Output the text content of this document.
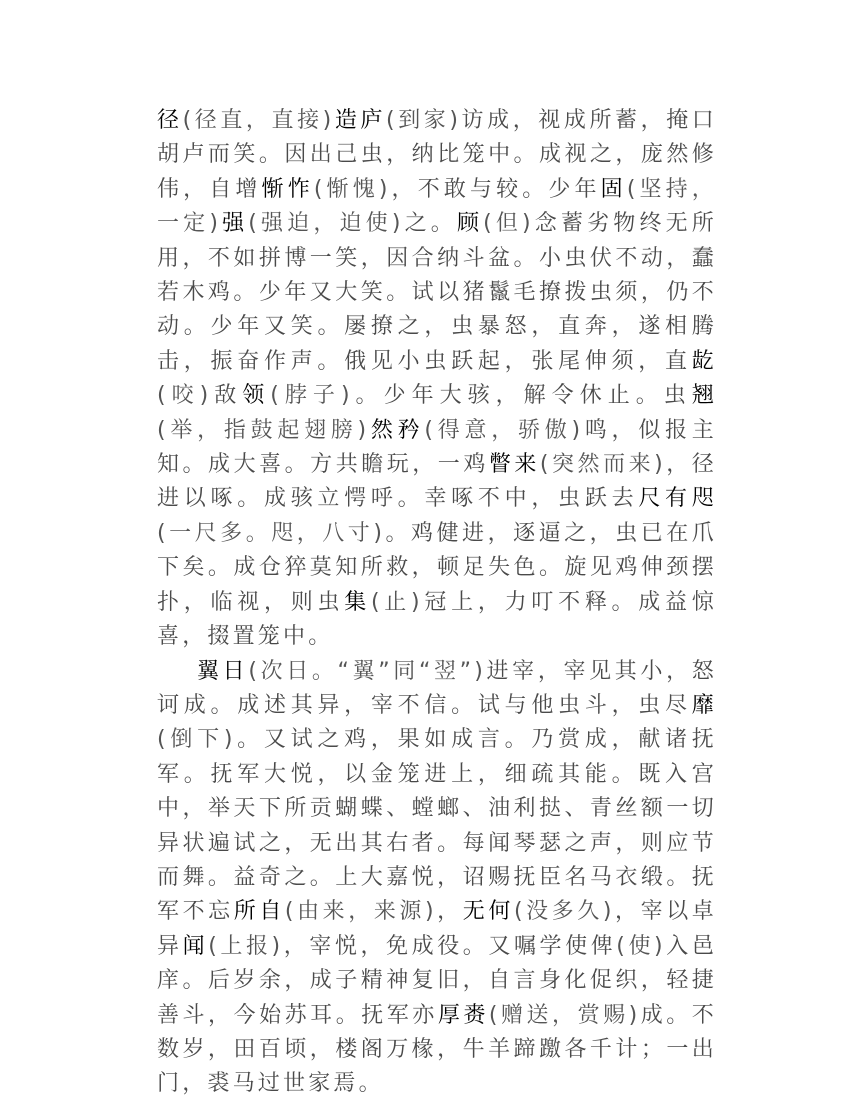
径(径直，直接)造庐(到家)访成，视成所蓄，掩口胡卢而笑。因出己虫，纳比笼中。成视之，庞然修伟，自增惭怍(惭愧)，不敢与较。少年固(坚持，一定)强(强迫，迫使)之。顾(但)念蓄劣物终无所用，不如拼博一笑，因合纳斗盆。小虫伏不动，蠢若木鸡。少年又大笑。试以猪鬣毛撩拨虫须，仍不动。少年又笑。屡撩之，虫暴怒，直奔，遂相腾击，振奋作声。俄见小虫跃起，张尾伸须，直龁(咬)敌领(脖子)。少年大骇，解令休止。虫翘(举，指鼓起翅膀)然矜(得意，骄傲)鸣，似报主知。成大喜。方共瞻玩，一鸡瞥来(突然而来)，径进以啄。成骇立愕呼。幸啄不中，虫跃去尺有咫(一尺多。咫，八寸)。鸡健进，逐逼之，虫已在爪下矣。成仓猝莫知所救，顿足失色。旋见鸡伸颈摆扑，临视，则虫集(止)冠上，力叮不释。成益惊喜，掇置笼中。

翼日(次日。“翼”同“翌”)进宰，宰见其小，怒诃成。成述其异，宰不信。试与他虫斗，虫尽靡(倒下)。又试之鸡，果如成言。乃赏成，献诸抚军。抚军大悦，以金笼进上，细疏其能。既入宫中，举天下所贡蝴蝶、螳螂、油利挞、青丝额一切异状遍试之，无出其右者。每闻琴瑟之声，则应节而舞。益奇之。上大嘉悦，诏赐抚臣名马衣缎。抚军不忘所自(由来，来源)，无何(没多久)，宰以卓异闻(上报)，宰悦，免成役。又嘱学使俾(使)入邑庠。后岁余，成子精神复旧，自言身化促织，轻捷善斗，今始苏耳。抚军亦厚赉(赠送，赏赐)成。不数岁，田百顷，楼阁万椽，牛羊蹄躈各千计；一出门，裘马过世家焉。
